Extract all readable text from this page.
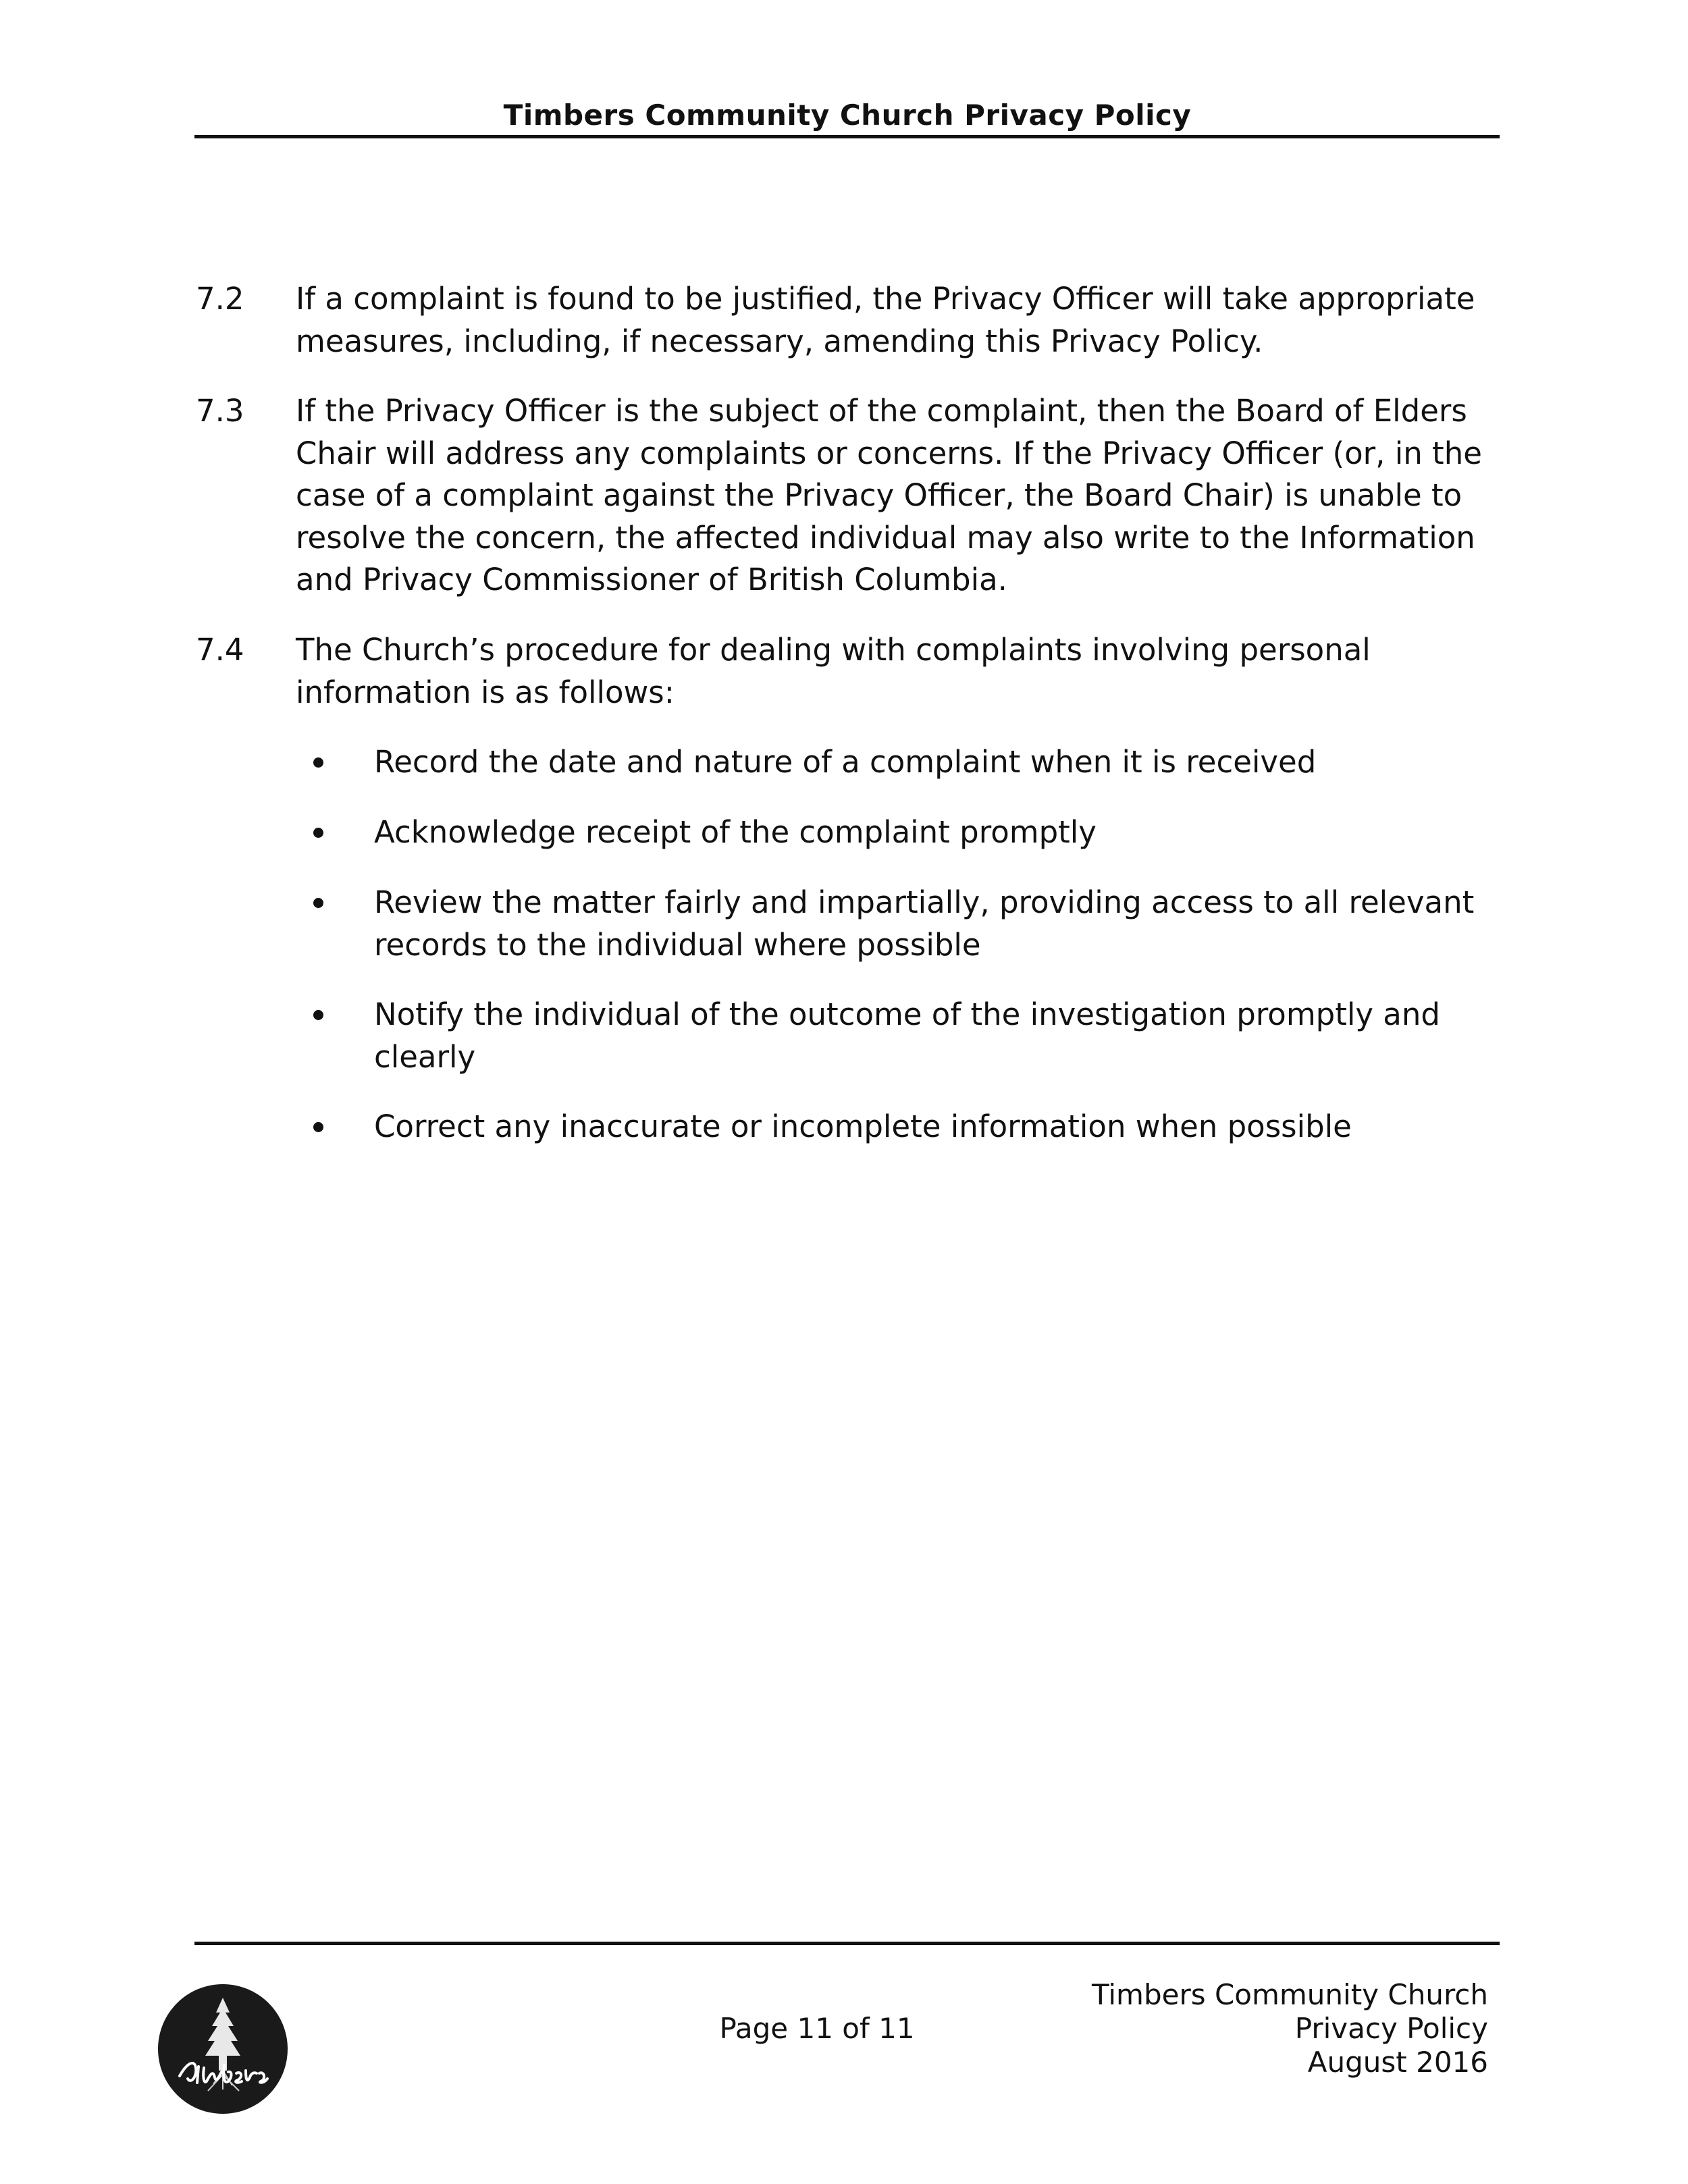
Timbers Community Church Privacy Policy
7.2 If a complaint is found to be justified, the Privacy Officer will take appropriate measures, including, if necessary, amending this Privacy Policy.

7.3 If the Privacy Officer is the subject of the complaint, then the Board of Elders Chair will address any complaints or concerns. If the Privacy Officer (or, in the case of a complaint against the Privacy Officer, the Board Chair) is unable to resolve the concern, the affected individual may also write to the Information and Privacy Commissioner of British Columbia.

7.4 The Church’s procedure for dealing with complaints involving personal information is as follows:

Record the date and nature of a complaint when it is received
Acknowledge receipt of the complaint promptly
Review the matter fairly and impartially, providing access to all relevant records to the individual where possible
Notify the individual of the outcome of the investigation promptly and clearly
Correct any inaccurate or incomplete information when possible
Page 11 of 11
Timbers Community Church
Privacy Policy
August 2016
